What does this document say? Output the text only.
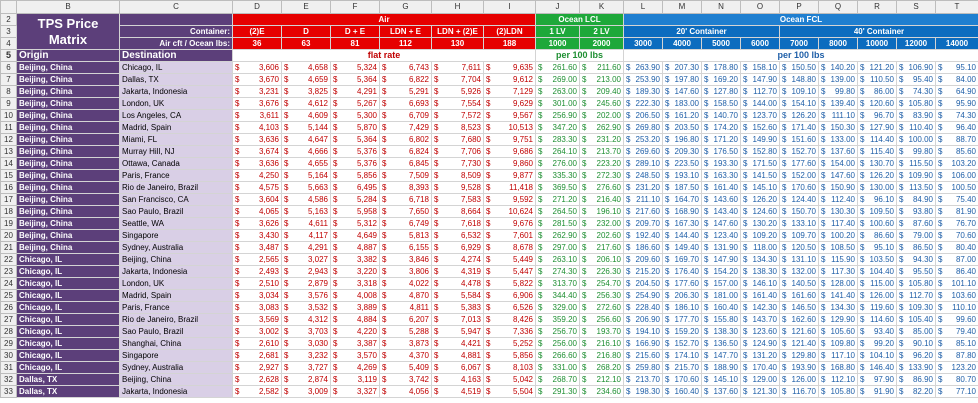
	B	C	D	E	F	G	H	I	J	K	L	M	N	O	P	Q	R	S	T
2	TPS Price
Matrix		Air						Ocean LCL		Ocean FCL								
3		Container:	(2)E	D	D + E	LDN + E	LDN + (2)E	(2)LDN	1 LV	2 LV	20' Container				40' Container				
4		Air cft / Ocean lbs:	36	63	81	112	130	188	1000	2000	3000	4000	5000	6000	7000	8000	10000	12000	14000
5	Origin	Destination	flat rate						per 100 lbs		per 100 lbs								
6	Beijing, China	Chicago, IL	$ 3,606	$ 4,658	$ 5,324	$ 6,743	$ 7,611	$ 9,635	$ 261.60	$ 211.60	$ 263.90	$ 207.30	$ 178.80	$ 158.10	$ 150.50	$ 140.20	$ 121.20	$ 106.90	$ 95.10
7	Beijing, China	Dallas, TX	$ 3,670	$ 4,659	$ 5,364	$ 6,822	$ 7,704	$ 9,612	$ 269.00	$ 213.00	$ 253.90	$ 197.80	$ 169.20	$ 147.90	$ 148.80	$ 139.00	$ 110.50	$ 95.40	$ 84.00
8	Beijing, China	Jakarta, Indonesia	$ 3,231	$ 3,825	$ 4,291	$ 5,291	$ 5,926	$ 7,129	$ 263.00	$ 209.40	$ 189.30	$ 147.60	$ 127.80	$ 112.70	$ 109.10	$ 99.80	$ 86.00	$ 74.30	$ 64.90
9	Beijing, China	London, UK	$ 3,676	$ 4,612	$ 5,267	$ 6,693	$ 7,554	$ 9,629	$ 301.00	$ 245.60	$ 222.30	$ 183.00	$ 158.50	$ 144.00	$ 154.10	$ 139.40	$ 120.60	$ 105.80	$ 95.90
10	Beijing, China	Los Angeles, CA	$ 3,611	$ 4,609	$ 5,300	$ 6,709	$ 7,572	$ 9,567	$ 256.90	$ 202.00	$ 206.50	$ 161.20	$ 140.70	$ 123.70	$ 126.20	$ 111.10	$ 96.70	$ 83.90	$ 74.30
11	Beijing, China	Madrid, Spain	$ 4,103	$ 5,144	$ 5,870	$ 7,429	$ 8,523	$ 10,513	$ 347.20	$ 262.90	$ 269.80	$ 203.50	$ 174.20	$ 152.60	$ 171.40	$ 150.30	$ 127.90	$ 110.40	$ 96.40
12	Beijing, China	Miami, FL	$ 3,636	$ 4,647	$ 5,364	$ 6,802	$ 7,680	$ 9,751	$ 283.30	$ 231.20	$ 253.20	$ 196.80	$ 171.20	$ 149.90	$ 151.60	$ 133.00	$ 114.40	$ 100.00	$ 88.70
13	Beijing, China	Murray Hill, NJ	$ 3,674	$ 4,666	$ 5,376	$ 6,824	$ 7,706	$ 9,686	$ 264.10	$ 213.70	$ 269.60	$ 209.30	$ 176.50	$ 152.80	$ 152.70	$ 137.60	$ 115.40	$ 99.80	$ 85.60
14	Beijing, China	Ottawa, Canada	$ 3,636	$ 4,655	$ 5,376	$ 6,845	$ 7,730	$ 9,860	$ 276.00	$ 223.20	$ 289.10	$ 223.50	$ 193.30	$ 171.50	$ 177.60	$ 154.00	$ 130.70	$ 115.50	$ 103.20
15	Beijing, China	Paris, France	$ 4,250	$ 5,164	$ 5,856	$ 7,509	$ 8,509	$ 9,877	$ 335.30	$ 272.30	$ 248.50	$ 193.10	$ 163.30	$ 141.50	$ 152.00	$ 147.60	$ 126.20	$ 109.90	$ 106.00
16	Beijing, China	Rio de Janeiro, Brazil	$ 4,575	$ 5,663	$ 6,495	$ 8,393	$ 9,528	$ 11,418	$ 369.50	$ 276.60	$ 231.20	$ 187.50	$ 161.40	$ 145.10	$ 170.60	$ 150.90	$ 130.00	$ 113.50	$ 100.50
17	Beijing, China	San Francisco, CA	$ 3,604	$ 4,586	$ 5,284	$ 6,718	$ 7,583	$ 9,592	$ 271.20	$ 216.40	$ 211.10	$ 164.70	$ 143.60	$ 126.20	$ 124.40	$ 112.40	$ 96.10	$ 84.90	$ 75.40
18	Beijing, China	Sao Paulo, Brazil	$ 4,065	$ 5,163	$ 5,958	$ 7,650	$ 8,664	$ 10,624	$ 264.50	$ 196.10	$ 217.60	$ 168.90	$ 143.40	$ 124.60	$ 150.70	$ 130.30	$ 109.50	$ 93.80	$ 81.90
19	Beijing, China	Seattle, WA	$ 3,626	$ 4,611	$ 5,312	$ 6,749	$ 7,618	$ 9,676	$ 281.50	$ 232.00	$ 209.70	$ 167.30	$ 147.60	$ 130.20	$ 133.10	$ 117.40	$ 100.60	$ 87.60	$ 76.70
20	Beijing, China	Singapore	$ 3,430	$ 4,117	$ 4,649	$ 5,813	$ 6,532	$ 7,601	$ 262.90	$ 202.60	$ 192.40	$ 144.40	$ 123.40	$ 109.20	$ 109.70	$ 100.20	$ 86.60	$ 79.00	$ 70.60
21	Beijing, China	Sydney, Australia	$ 3,487	$ 4,291	$ 4,887	$ 6,155	$ 6,929	$ 8,678	$ 297.00	$ 217.60	$ 186.60	$ 149.40	$ 131.90	$ 118.00	$ 120.50	$ 108.50	$ 95.10	$ 86.50	$ 80.40
22	Chicago, IL	Beijing, China	$ 2,565	$ 3,027	$ 3,382	$ 3,846	$ 4,274	$ 5,449	$ 263.10	$ 206.10	$ 209.60	$ 169.70	$ 147.90	$ 134.30	$ 131.10	$ 115.90	$ 103.50	$ 94.30	$ 87.00
23	Chicago, IL	Jakarta, Indonesia	$ 2,493	$ 2,943	$ 3,220	$ 3,806	$ 4,319	$ 5,447	$ 274.30	$ 226.30	$ 215.20	$ 176.40	$ 154.20	$ 138.30	$ 132.00	$ 117.30	$ 104.40	$ 95.50	$ 86.40
24	Chicago, IL	London, UK	$ 2,510	$ 2,879	$ 3,318	$ 4,022	$ 4,478	$ 5,822	$ 313.70	$ 254.70	$ 204.50	$ 177.60	$ 157.00	$ 146.10	$ 140.50	$ 128.00	$ 115.00	$ 105.80	$ 101.10
25	Chicago, IL	Madrid, Spain	$ 3,034	$ 3,576	$ 4,008	$ 4,870	$ 5,584	$ 6,906	$ 344.40	$ 256.30	$ 254.90	$ 206.30	$ 181.00	$ 161.40	$ 161.60	$ 141.40	$ 126.00	$ 112.70	$ 103.60
26	Chicago, IL	Paris, France	$ 3,083	$ 3,532	$ 3,889	$ 4,811	$ 5,383	$ 6,526	$ 329.00	$ 272.60	$ 228.40	$ 186.10	$ 160.40	$ 142.30	$ 146.50	$ 134.30	$ 119.60	$ 109.30	$ 110.10
27	Chicago, IL	Rio de Janeiro, Brazil	$ 3,569	$ 4,312	$ 4,884	$ 6,207	$ 7,013	$ 8,426	$ 359.20	$ 256.60	$ 206.90	$ 177.70	$ 155.80	$ 143.70	$ 162.60	$ 129.90	$ 114.60	$ 105.40	$ 99.60
28	Chicago, IL	Sao Paulo, Brazil	$ 3,002	$ 3,703	$ 4,220	$ 5,288	$ 5,947	$ 7,336	$ 256.70	$ 193.70	$ 194.10	$ 159.20	$ 138.30	$ 123.60	$ 121.60	$ 105.60	$ 93.40	$ 85.00	$ 79.40
29	Chicago, IL	Shanghai, China	$ 2,610	$ 3,030	$ 3,387	$ 3,873	$ 4,421	$ 5,252	$ 256.00	$ 216.10	$ 166.90	$ 152.70	$ 136.50	$ 124.90	$ 121.40	$ 109.80	$ 99.20	$ 90.10	$ 85.10
30	Chicago, IL	Singapore	$ 2,681	$ 3,232	$ 3,570	$ 4,370	$ 4,881	$ 5,856	$ 266.60	$ 216.80	$ 215.60	$ 174.10	$ 147.70	$ 131.20	$ 129.80	$ 117.10	$ 104.10	$ 96.20	$ 87.80
31	Chicago, IL	Sydney, Australia	$ 2,927	$ 3,727	$ 4,269	$ 5,409	$ 6,067	$ 8,103	$ 331.00	$ 268.20	$ 259.80	$ 215.70	$ 188.90	$ 170.40	$ 193.90	$ 168.80	$ 146.40	$ 133.90	$ 123.20
32	Dallas, TX	Beijing, China	$ 2,628	$ 2,874	$ 3,119	$ 3,742	$ 4,163	$ 5,042	$ 268.70	$ 212.10	$ 213.70	$ 170.60	$ 145.10	$ 129.00	$ 126.00	$ 112.10	$ 97.90	$ 86.90	$ 80.70
33	Dallas, TX	Jakarta, Indonesia	$ 2,582	$ 3,009	$ 3,327	$ 4,056	$ 4,519	$ 5,504	$ 291.30	$ 234.60	$ 198.30	$ 160.40	$ 137.60	$ 121.30	$ 116.70	$ 105.80	$ 91.90	$ 82.20	$ 77.10
